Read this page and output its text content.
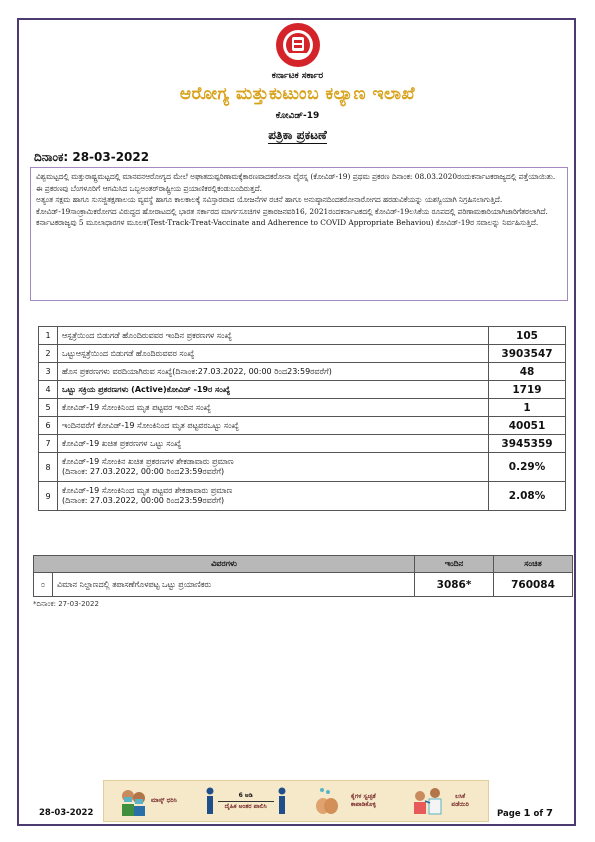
ಕರ್ನಾಟಕ ಸರ್ಕಾರ
ಆರೋಗ್ಯ ಮತ್ತುಕುಟುಂಬ ಕಲ್ಯಾಣ ಇಲಾಖೆ
ಕೋವಿಡ್-19
ಪತ್ರಿಕಾ ಪ್ರಕಟಣೆ
ದಿನಾಂಕ: 28-03-2022

ವಿಶ್ವಮಟ್ಟದಲ್ಲಿ ಮತ್ತುರಾಷ್ಟ್ರಮಟ್ಟದಲ್ಲಿ ಮಾನವನಆರೋಗ್ಯದ ಮೇಲೆ ಅಘಾತದುಷ್ಪರಿಣಾಮಕ್ಕೆಕಾರಣವಾದಕರೋನಾ ವೈರಸ್ನ (ಕೋವಿಡ್-19) ಪ್ರಥಮ ಪ್ರಕರಣ ದಿನಾಂಕ: 08.03.2020ರಂದುಕರ್ನಾಟಕರಾಜ್ಯದಲ್ಲಿ ಪತ್ತೆಯಾಯಿತು. ಈ ಪ್ರಕರಣವು ಬೆಂಗಳೂರಿಗೆ ಆಗಮಿಸಿದ ಒಬ್ಬಅಂತರ್‌ರಾಷ್ಟ್ರೀಯ ಪ್ರಯಾಣಿಕರಲ್ಲಿಕಂಡುಬಂದಿರುತ್ತದೆ.

ಅತ್ಯಂತ ಸಕ್ಷಮ ಹಾಗೂ ಸುಸಜ್ಜಿತಕ್ಷಣಾಲಯ ವ್ಯವಸ್ಥೆ ಹಾಗೂ ಕಾಲಕಾಲಕ್ಕೆ ಸವಿಸ್ತಾರವಾದ ಯೋಜನೆಗಳ ರಚನೆ ಹಾಗೂ ಅನುಷ್ಠಾನದಿಂದಕರೋನಾರೋಗದ ಹರಡುವಿಕೆಯನ್ನು ಯಶಸ್ವಿಯಾಗಿ ನಿಗ್ರಹಿಸಲಾಗುತ್ತಿದೆ.

ಕೋವಿಡ್-19ಸಾಂಕ್ರಾಮಿಕರೋಗದ ವಿರುದ್ಧದ ಹೋರಾಟದಲ್ಲಿ ಭಾರತ ಸರ್ಕಾರದ ಮಾರ್ಗಸೂಚಿಗಳ ಪ್ರಕಾರಜನವರಿ16, 2021ರಂದಕರ್ನಾಟಕದಲ್ಲಿ ಕೋವಿಡ್-19ಲಸಿಕೆಯ ರೂಪದಲ್ಲಿ ಪರಿಣಾಮಕಾರಿಯಾಗಿಜಾರಿಗೆತರಲಾಗಿದೆ.

ಕರ್ನಾಟಕರಾಜ್ಯವು 5 ಮೂಲಾಧಾರಗಳ ಮೂಲಕ(Test-Track-Treat-Vaccinate and Adherence to COVID Appropriate Behaviou) ಕೋವಿಡ್-19ರ ಸವಾಲನ್ನು ನಿರ್ವಹಿಸುತ್ತಿದೆ.

1	ಆಸ್ಪತ್ರೆಯಿಂದ ಬಿಡುಗಡೆ ಹೊಂದಿರುವವರ ಇಂದಿನ ಪ್ರಕರಣಗಳ ಸಂಖ್ಯೆ	105
2	ಒಟ್ಟುಆಸ್ಪತ್ರೆಯಿಂದ ಬಿಡುಗಡೆ ಹೊಂದಿರುವವರ ಸಂಖ್ಯೆ	3903547
3	ಹೊಸ ಪ್ರಕರಣಗಳು ವರದಿಯಾಗಿರುವ ಸಂಖ್ಯೆ(ದಿನಾಂಕ:27.03.2022, 00:00 ರಿಂದ23:59ರವರೆಗೆ)	48
4	ಒಟ್ಟು ಸಕ್ರಿಯ ಪ್ರಕರಣಗಳು (Active)ಕೋವಿಡ್ -19ರ ಸಂಖ್ಯೆ	1719
5	ಕೋವಿಡ್-19 ಸೋಂಕಿನಿಂದ ಮೃತ ಪಟ್ಟವರ ಇಂದಿನ ಸಂಖ್ಯೆ	1
6	ಇಂದಿನವರೆಗೆ ಕೋವಿಡ್-19 ಸೋಂಕಿನಿಂದ ಮೃತ ಪಟ್ಟವರಒಟ್ಟು ಸಂಖ್ಯೆ	40051
7	ಕೋವಿಡ್-19 ಖಚಿತ ಪ್ರಕರಣಗಳ ಒಟ್ಟು ಸಂಖ್ಯೆ	3945359
8	ಕೋವಿಡ್-19 ಸೋಂಕಿನ ಖಚಿತ ಪ್ರಕರಣಗಳ ಶೇಕಡಾವಾರು ಪ್ರಮಾಣ
(ದಿನಾಂಕ: 27.03.2022, 00:00 ರಿಂದ23:59ರವರೆಗೆ)	0.29%
9	ಕೋವಿಡ್-19 ಸೋಂಕಿನಿಂದ ಮೃತ ಪಟ್ಟವರ ಶೇಕಡಾವಾರು ಪ್ರಮಾಣ
(ದಿನಾಂಕ: 27.03.2022, 00:00 ರಿಂದ23:59ರವರೆಗೆ)	2.08%
ವಿವರಗಳು		ಇಂದಿನ	ಸಂಚಿತ
೦	ವಿಮಾನ ನಿಲ್ದಾಣದಲ್ಲಿ ತಪಾಸಣೆಗೊಳಪಟ್ಟ ಒಟ್ಟು ಪ್ರಯಾಣಿಕರು	3086*	760084
*ದಿನಾಂಕ: 27-03-2022
ಮಾಸ್ಕ್ ಧರಿಸಿ
6 ಅಡಿ
ದೈಹಿಕ ಅಂತರ ಪಾಲಿಸಿ
ಕೈಗಳ ಸ್ವಚ್ಛತೆ ಕಾಪಾಡಿಕೊಳ್ಳಿ
ಲಸಿಕೆ ಪಡೆಯಿರಿ
28-03-2022	Page 1 of 7
